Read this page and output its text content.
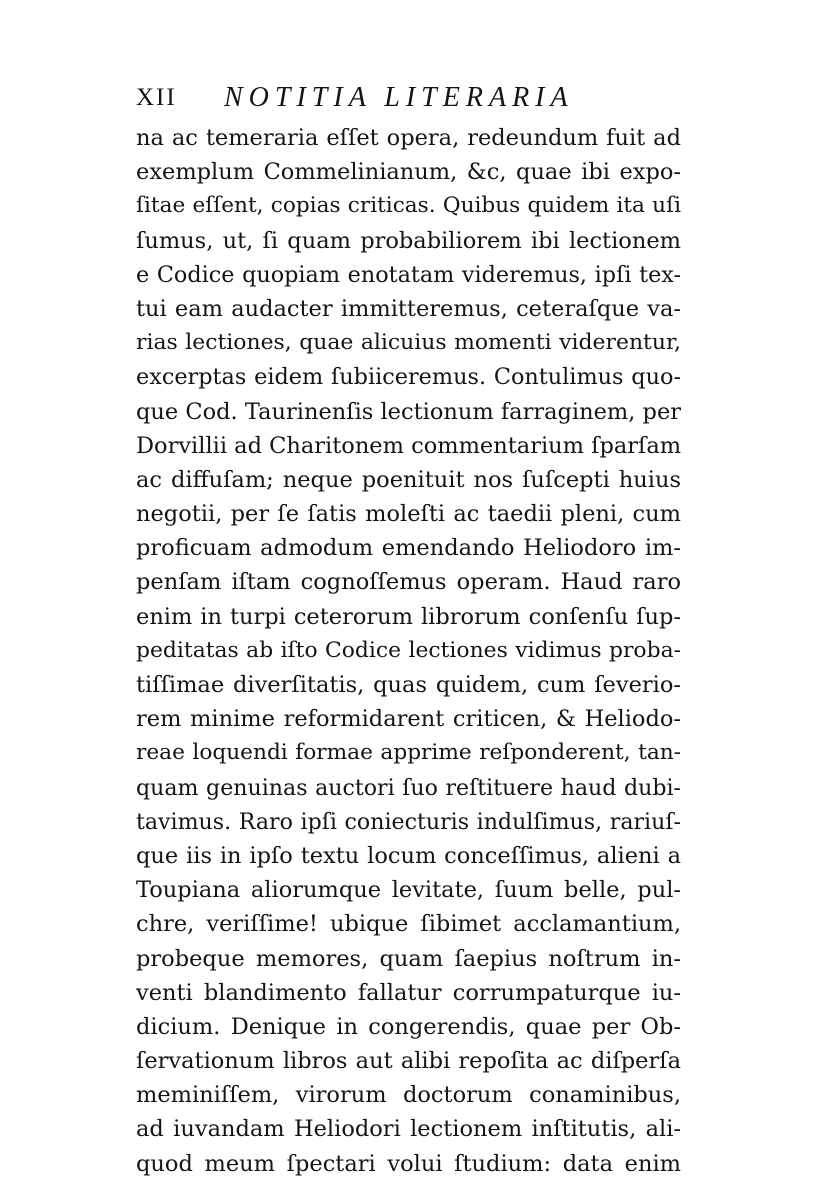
XII NOTITIA LITERARIA
na ac temeraria eſſet opera, redeundum fuit ad
exemplum Commelinianum, &c, quae ibi expo-
ſitae eſſent, copias criticas. Quibus quidem ita uſi
ſumus, ut, ſi quam probabiliorem ibi lectionem
e Codice quopiam enotatam videremus, ipſi tex-
tui eam audacter immitteremus, ceteraſque va-
rias lectiones, quae alicuius momenti viderentur,
excerptas eidem ſubiiceremus. Contulimus quo-
que Cod. Taurinenſis lectionum farraginem, per
Dorvillii ad Charitonem commentarium ſparſam
ac diffuſam; neque poenituit nos ſuſcepti huius
negotii, per ſe ſatis moleſti ac taedii pleni, cum
proficuam admodum emendando Heliodoro im-
penſam iſtam cognoſſemus operam. Haud raro
enim in turpi ceterorum librorum conſenſu ſup-
peditatas ab iſto Codice lectiones vidimus proba-
tiſſimae diverſitatis, quas quidem, cum ſeverio-
rem minime reformidarent criticen, & Heliodo-
reae loquendi formae apprime reſponderent, tan-
quam genuinas auctori ſuo reſtituere haud dubi-
tavimus. Raro ipſi coniecturis indulſimus, rariuſ-
que iis in ipſo textu locum conceſſimus, alieni a
Toupiana aliorumque levitate, ſuum belle, pul-
chre, veriſſime! ubique ſibimet acclamantium,
probeque memores, quam ſaepius noſtrum in-
venti blandimento fallatur corrumpaturque iu-
dicium. Denique in congerendis, quae per Ob-
ſervationum libros aut alibi repoſita ac diſperſa
meminiſſem, virorum doctorum conaminibus,
ad iuvandam Heliodori lectionem inſtitutis, ali-
quod meum ſpectari volui ſtudium: data enim
